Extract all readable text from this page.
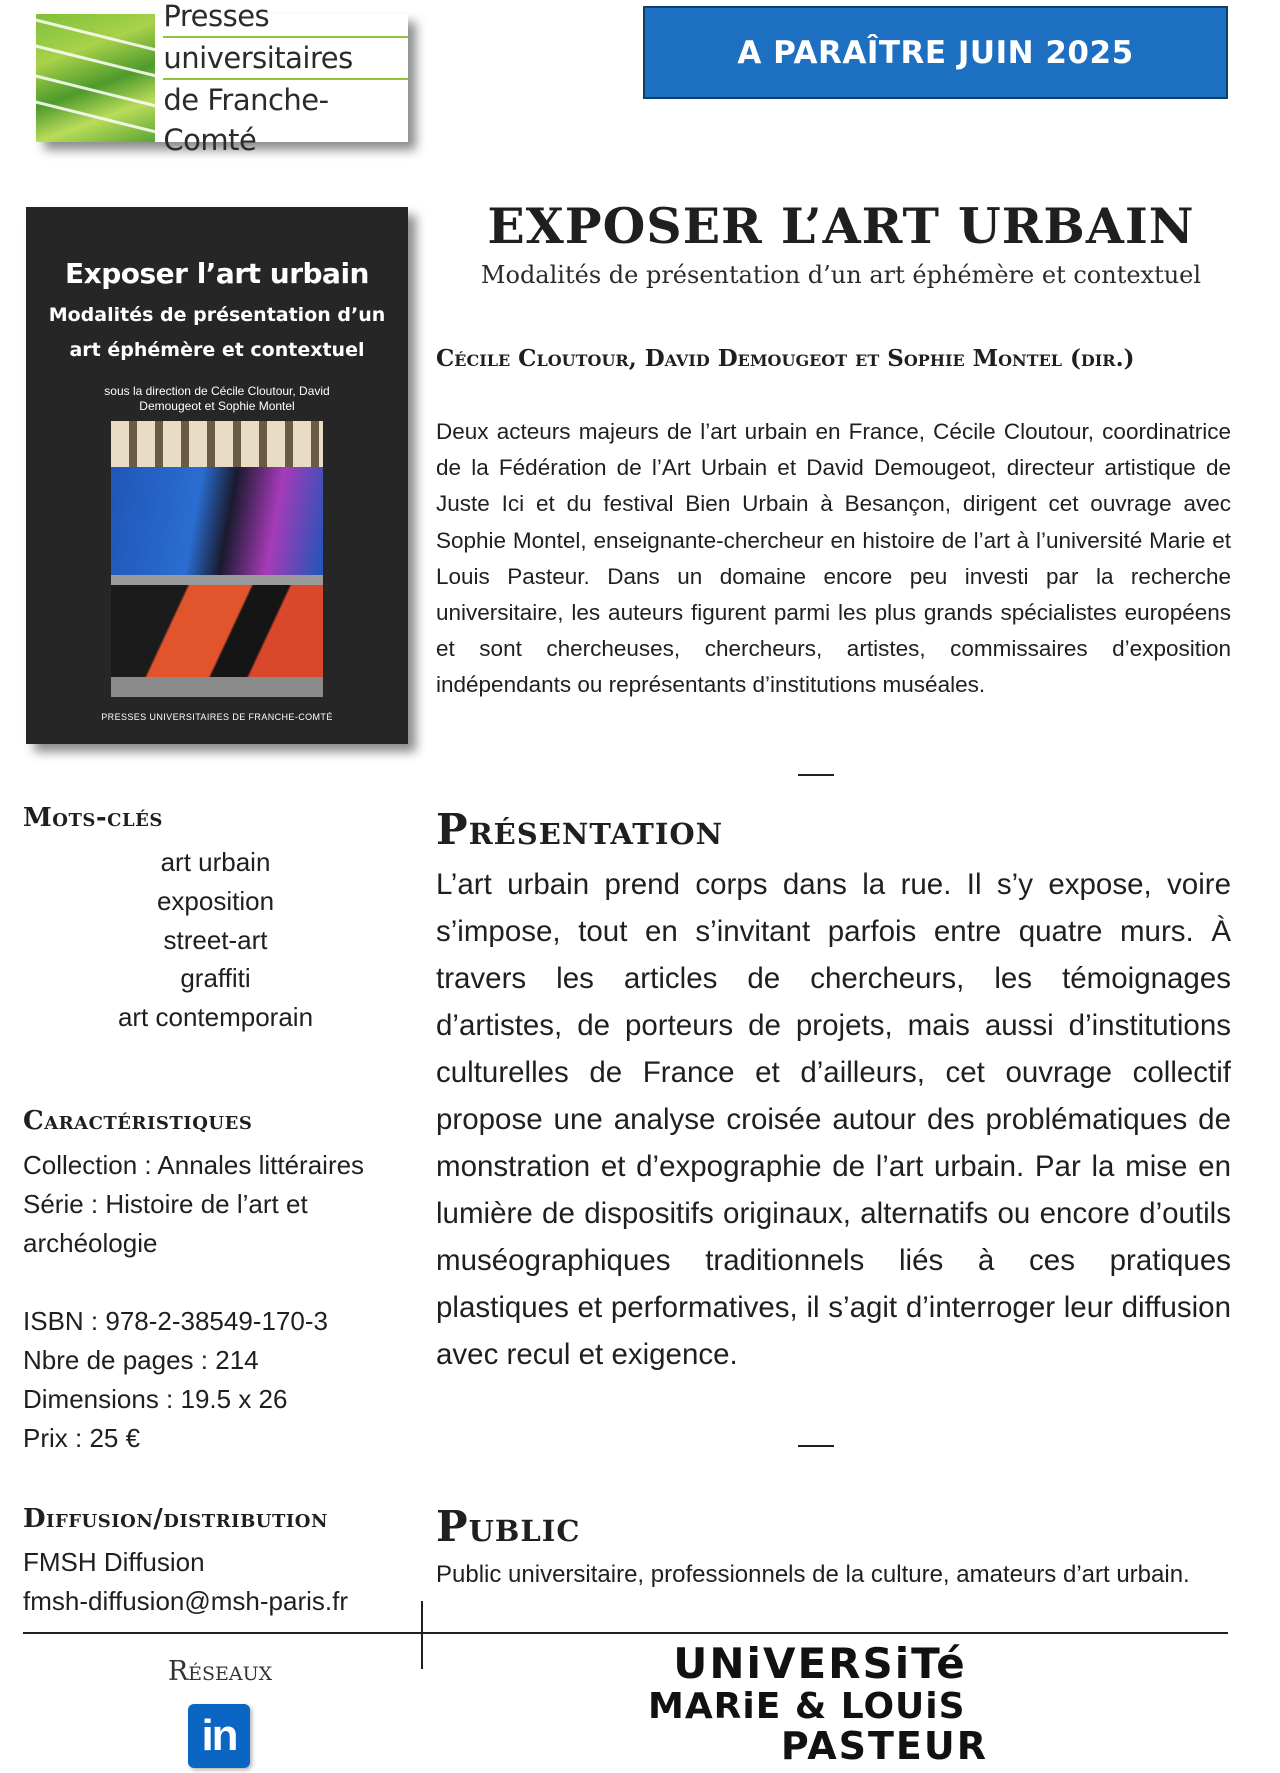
Presses
universitaires
de Franche-Comté
A PARAÎTRE JUIN 2025
Exposer l’art urbain
Modalités de présentation d’un art éphémère et contextuel
sous la direction de Cécile Cloutour, David Demougeot et Sophie Montel
PRESSES UNIVERSITAIRES DE FRANCHE-COMTÉ
EXPOSER L’ART URBAIN
Modalités de présentation d’un art éphémère et contextuel
Cécile Cloutour, David Demougeot et Sophie Montel (dir.)
Deux acteurs majeurs de l’art urbain en France, Cécile Cloutour, coordinatrice de la Fédération de l’Art Urbain et David Demougeot, directeur artistique de Juste Ici et du festival Bien Urbain à Besançon, dirigent cet ouvrage avec Sophie Montel, enseignante-chercheur en histoire de l’art à l’université Marie et Louis Pasteur. Dans un domaine encore peu investi par la recherche universitaire, les auteurs figurent parmi les plus grands spécialistes européens et sont chercheuses, chercheurs, artistes, commissaires d’exposition indépendants ou représentants d’institutions muséales.
Présentation
L’art urbain prend corps dans la rue. Il s’y expose, voire s’impose, tout en s’invitant parfois entre quatre murs. À travers les articles de chercheurs, les témoignages d’artistes, de porteurs de projets, mais aussi d’institutions culturelles de France et d’ailleurs, cet ouvrage collectif propose une analyse croisée autour des problématiques de monstration et d’expographie de l’art urbain. Par la mise en lumière de dispositifs originaux, alternatifs ou encore d’outils muséographiques traditionnels liés à ces pratiques plastiques et performatives, il s’agit d’interroger leur diffusion avec recul et exigence.
Public
Public universitaire, professionnels de la culture, amateurs d’art urbain.
Mots-clés
art urbain
exposition
street-art
graffiti
art contemporain
Caractéristiques
Collection : Annales littéraires
Série : Histoire de l’art et archéologie
ISBN : 978-2-38549-170-3
Nbre de pages : 214
Dimensions : 19.5 x 26
Prix : 25 €
Diffusion/distribution
FMSH Diffusion
fmsh-diffusion@msh-paris.fr
Réseaux
in
UNiVERSiTé
MARiE & LOUiS
PASTEUR
